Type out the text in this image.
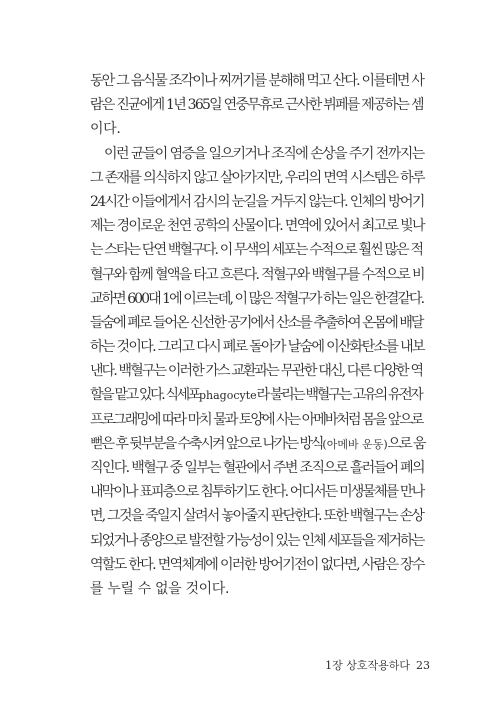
동안 그 음식물 조각이나 찌꺼기를 분해해 먹고 산다. 이를테면 사
람은 진균에게 1년 365일 연중무휴로 근사한 뷔페를 제공하는 셈
이다.
이런 균들이 염증을 일으키거나 조직에 손상을 주기 전까지는
그 존재를 의식하지 않고 살아가지만, 우리의 면역 시스템은 하루
24시간 이들에게서 감시의 눈길을 거두지 않는다. 인체의 방어기
제는 경이로운 천연 공학의 산물이다. 면역에 있어서 최고로 빛나
는 스타는 단연 백혈구다. 이 무색의 세포는 수적으로 훨씬 많은 적
혈구와 함께 혈액을 타고 흐른다. 적혈구와 백혈구를 수적으로 비
교하면 600대 1에 이르는데, 이 많은 적혈구가 하는 일은 한결같다.
들숨에 폐로 들어온 신선한 공기에서 산소를 추출하여 온몸에 배달
하는 것이다. 그리고 다시 폐로 돌아가 날숨에 이산화탄소를 내보
낸다. 백혈구는 이러한 가스 교환과는 무관한 대신, 다른 다양한 역
할을 맡고 있다. 식세포phagocyte라 불리는 백혈구는 고유의 유전자
프로그래밍에 따라 마치 물과 토양에 사는 아메바처럼 몸을 앞으로
뻗은 후 뒷부분을 수축시켜 앞으로 나가는 방식(아메바 운동)으로 움
직인다. 백혈구 중 일부는 혈관에서 주변 조직으로 흘러들어 폐의
내막이나 표피층으로 침투하기도 한다. 어디서든 미생물체를 만나
면, 그것을 죽일지 살려서 놓아줄지 판단한다. 또한 백혈구는 손상
되었거나 종양으로 발전할 가능성이 있는 인체 세포들을 제거하는
역할도 한다. 면역체계에 이러한 방어기전이 없다면, 사람은 장수
를 누릴 수 없을 것이다.
1장 상호작용하다 23
